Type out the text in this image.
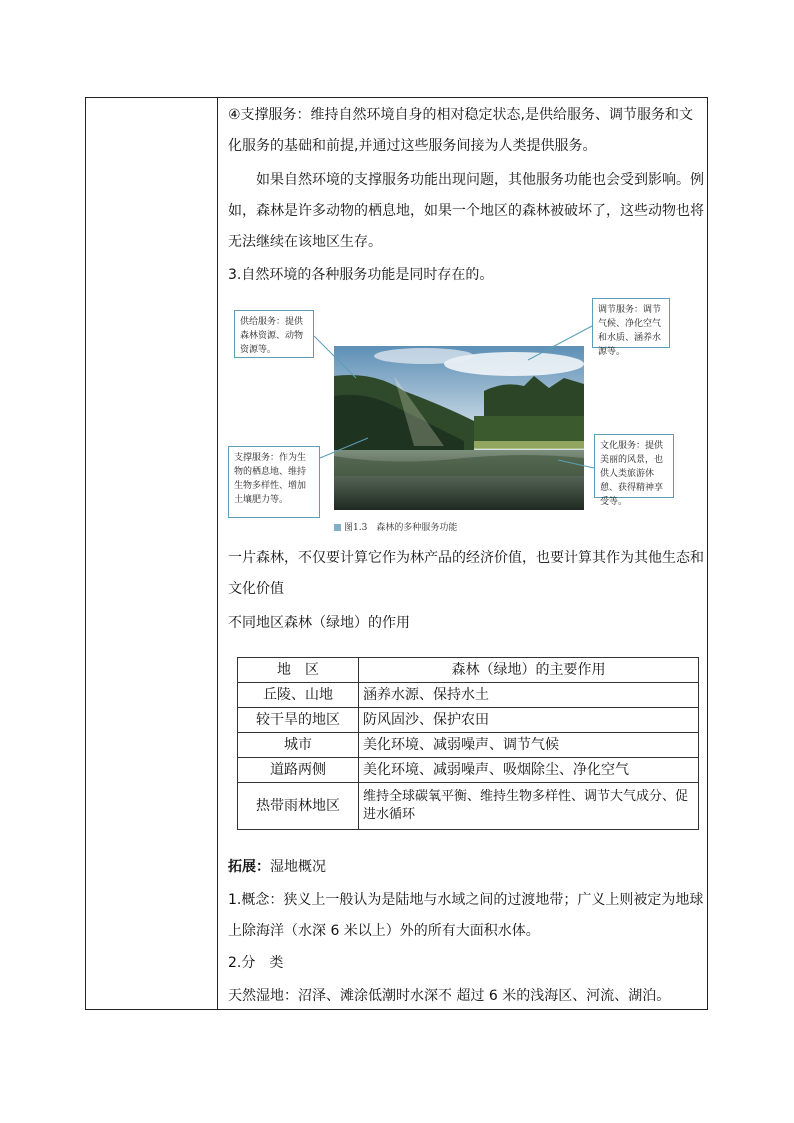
④支撑服务：维持自然环境自身的相对稳定状态,是供给服务、调节服务和文
化服务的基础和前提,并通过这些服务间接为人类提供服务。
如果自然环境的支撑服务功能出现问题，其他服务功能也会受到影响。例
如，森林是许多动物的栖息地，如果一个地区的森林被破坏了，这些动物也将
无法继续在该地区生存。
3.自然环境的各种服务功能是同时存在的。
供给服务：提供森林资源、动物资源等。
调节服务：调节气候、净化空气和水质、涵养水源等。
支撑服务：作为生物的栖息地、维持生物多样性、增加土壤肥力等。
文化服务：提供美丽的风景，也供人类旅游休憩、获得精神享受等。
图1.3　森林的多种服务功能
一片森林，不仅要计算它作为林产品的经济价值，也要计算其作为其他生态和
文化价值
不同地区森林（绿地）的作用
地　区	森林（绿地）的主要作用
丘陵、山地	涵养水源、保持水土
较干旱的地区	防风固沙、保护农田
城市	美化环境、减弱噪声、调节气候
道路两侧	美化环境、减弱噪声、吸烟除尘、净化空气
热带雨林地区	维持全球碳氧平衡、维持生物多样性、调节大气成分、促进水循环
拓展：湿地概况
1.概念：狭义上一般认为是陆地与水域之间的过渡地带；广义上则被定为地球
上除海洋（水深 6 米以上）外的所有大面积水体。
2.分　类
天然湿地：沼泽、滩涂低潮时水深不 超过 6 米的浅海区、河流、湖泊。
